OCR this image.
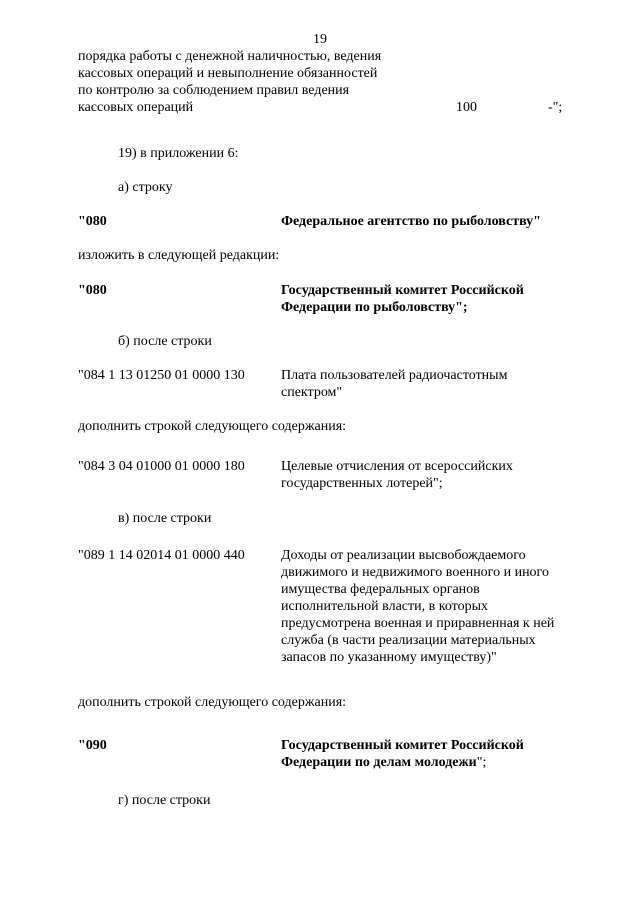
19
порядка работы с денежной наличностью, ведения
кассовых операций и невыполнение обязанностей
по контролю за соблюдением правил ведения
кассовых операций	100	-";
19) в приложении 6:
а) строку
"080	Федеральное агентство по рыболовству"
изложить в следующей редакции:
"080	Государственный комитет Российской
Федерации по рыболовству";
б) после строки
"084 1 13 01250 01 0000 130	Плата пользователей радиочастотным
спектром"
дополнить строкой следующего содержания:
"084 3 04 01000 01 0000 180	Целевые отчисления от всероссийских
государственных лотерей";
в) после строки
"089 1 14 02014 01 0000 440	Доходы от реализации высвобождаемого
движимого и недвижимого военного и иного
имущества федеральных органов
исполнительной власти, в которых
предусмотрена военная и приравненная к ней
служба (в части реализации материальных
запасов по указанному имуществу)"
дополнить строкой следующего содержания:
"090	Государственный комитет Российской
Федерации по делам молодежи";
г) после строки
